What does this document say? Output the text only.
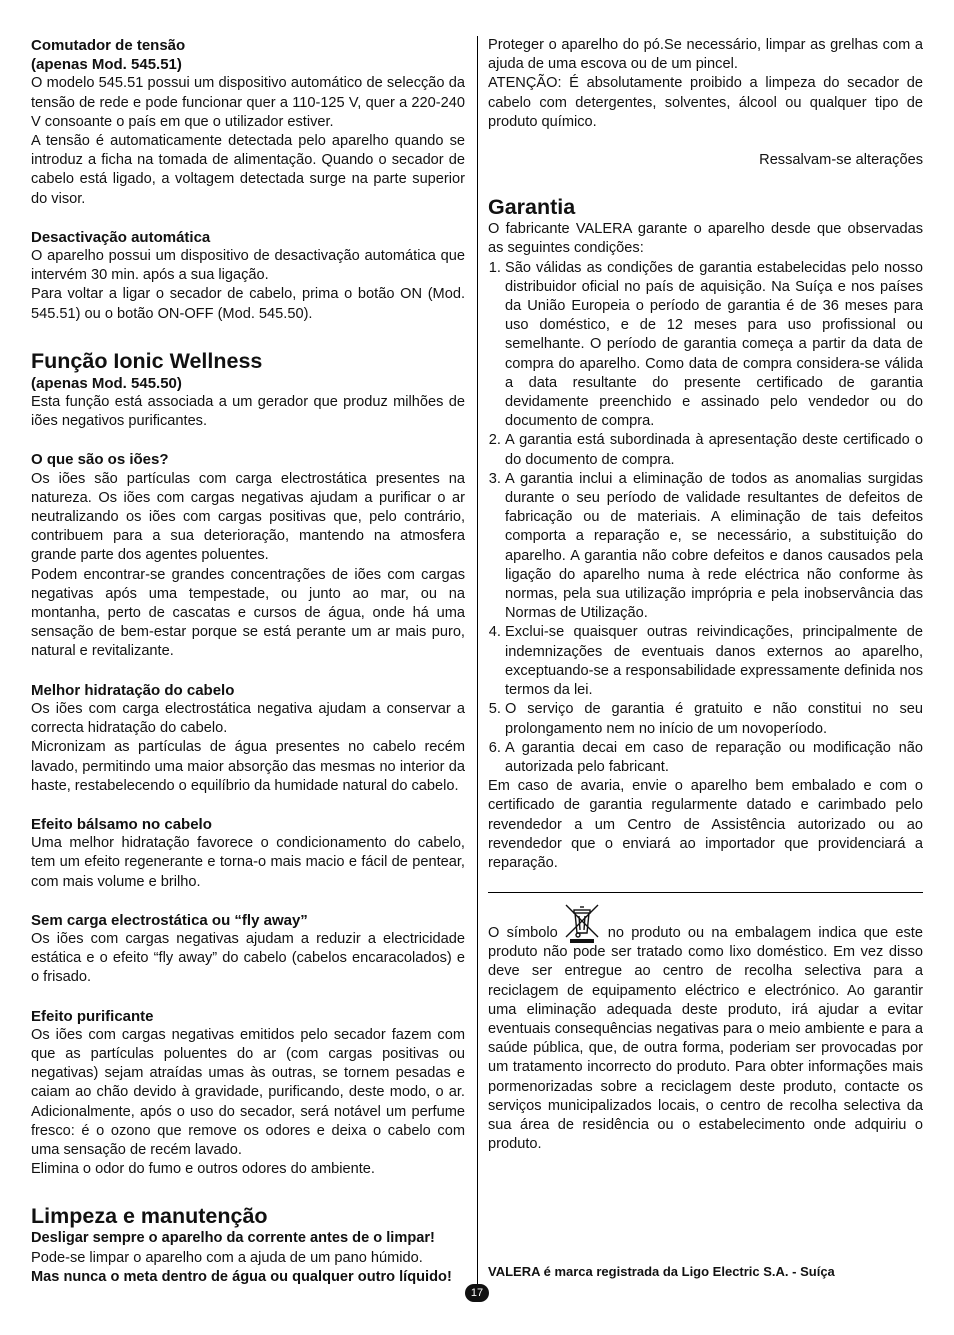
Comutador de tensão

(apenas Mod. 545.51)

O modelo 545.51 possui um dispositivo automático de selecção da tensão de rede e pode funcionar quer a 110-125 V, quer a 220-240 V consoante o país em que o utilizador estiver.

A tensão é automaticamente detectada pelo aparelho quando se introduz a ficha na tomada de alimentação. Quando o secador de cabelo está ligado, a voltagem detectada surge na parte superior do visor.

Desactivação automática

O aparelho possui um dispositivo de desactivação automática que intervém 30 min. após a sua ligação.

Para voltar a ligar o secador de cabelo, prima o botão ON (Mod. 545.51) ou o botão ON-OFF (Mod. 545.50).

Função Ionic Wellness

(apenas Mod. 545.50)

Esta função está associada a um gerador que produz milhões de iões negativos purificantes.

O que são os iões?

Os iões são partículas com carga electrostática presentes na natureza. Os iões com cargas negativas ajudam a purificar o ar neutralizando os iões com cargas positivas que, pelo contrário, contribuem para a sua deterioração, mantendo na atmosfera grande parte dos agentes poluentes.

Podem encontrar-se grandes concentrações de iões com cargas negativas após uma tempestade, ou junto ao mar, ou na montanha, perto de cascatas e cursos de água, onde há uma sensação de bem-estar porque se está perante um ar mais puro, natural e revitalizante.

Melhor hidratação do cabelo

Os iões com carga electrostática negativa ajudam a conservar a correcta hidratação do cabelo.

Micronizam as partículas de água presentes no cabelo recém lavado, permitindo uma maior absorção das mesmas no interior da haste, restabelecendo o equilíbrio da humidade natural do cabelo.

Efeito bálsamo no cabelo

Uma melhor hidratação favorece o condicionamento do cabelo, tem um efeito regenerante e torna-o mais macio e fácil de pentear, com mais volume e brilho.

Sem carga electrostática ou “fly away”

Os iões com cargas negativas ajudam a reduzir a electricidade estática e o efeito “fly away” do cabelo (cabelos encaracolados) e o frisado.

Efeito purificante

Os iões com cargas negativas emitidos pelo secador fazem com que as partículas poluentes do ar (com cargas positivas ou negativas) sejam atraídas umas às outras, se tornem pesadas e caiam ao chão devido à gravidade, purificando, deste modo, o ar. Adicionalmente, após o uso do secador, será notável um perfume fresco: é o ozono que remove os odores e deixa o cabelo com uma sensação de recém lavado.

Elimina o odor do fumo e outros odores do ambiente.

Limpeza e manutenção

Desligar sempre o aparelho da corrente antes de o limpar!

Pode-se limpar o aparelho com a ajuda de um pano húmido.

Mas nunca o meta dentro de água ou qualquer outro líquido!

Proteger o aparelho do pó.Se necessário, limpar as grelhas com a ajuda de uma escova ou de um pincel.

ATENÇÃO: É absolutamente proibido a limpeza do secador de cabelo com detergentes, solventes, álcool ou qualquer tipo de produto químico.

Ressalvam-se alterações

Garantia

O fabricante VALERA garante o aparelho desde que observadas as seguintes condições:

1. São válidas as condições de garantia estabelecidas pelo nosso distribuidor oficial no país de aquisição. Na Suíça e nos países da União Europeia o período de garantia é de 36 meses para uso doméstico, e de 12 meses para uso profissional ou semelhante. O período de garantia começa a partir da data de compra do aparelho. Como data de compra considera-se válida a data resultante do presente certificado de garantia devidamente preenchido e assinado pelo vendedor ou do documento de compra.
2. A garantia está subordinada à apresentação deste certificado o do documento de compra.
3. A garantia inclui a eliminação de todos as anomalias surgidas durante o seu período de validade resultantes de defeitos de fabricação ou de materiais. A eliminação de tais defeitos comporta a reparação e, se necessário, a substituição do aparelho. A garantia não cobre defeitos e danos causados pela ligação do aparelho numa à rede eléctrica não conforme às normas, pela sua utilização imprópria e pela inobservância das Normas de Utilização.
4. Exclui-se quaisquer outras reivindicações, principalmente de indemnizações de eventuais danos externos ao aparelho, exceptuando-se a responsabilidade expressamente definida nos termos da lei.
5. O serviço de garantia é gratuito e não constitui no seu prolongamento nem no início de um novoperíodo.
6. A garantia decai em caso de reparação ou modificação não autorizada pelo fabricant.

Em caso de avaria, envie o aparelho bem embalado e com o certificado de garantia regularmente datado e carimbado pelo revendedor a um Centro de Assistência autorizado ou ao revendedor que o enviará ao importador que providenciará a reparação.

O símbolo	no produto ou na embalagem indica que este produto não pode ser tratado como lixo doméstico. Em vez disso deve ser entregue ao centro de recolha selectiva para a reciclagem de equipamento eléctrico e electrónico. Ao garantir uma eliminação adequada deste produto, irá ajudar a evitar eventuais consequências negativas para o meio ambiente e para a saúde pública, que, de outra forma, poderiam ser provocadas por um tratamento incorrecto do produto. Para obter informações mais pormenorizadas sobre a reciclagem deste produto, contacte os serviços municipalizados locais, o centro de recolha selectiva da sua área de residência ou o estabelecimento onde adquiriu o produto.

VALERA é marca registrada da Ligo Electric S.A. - Suíça
17
